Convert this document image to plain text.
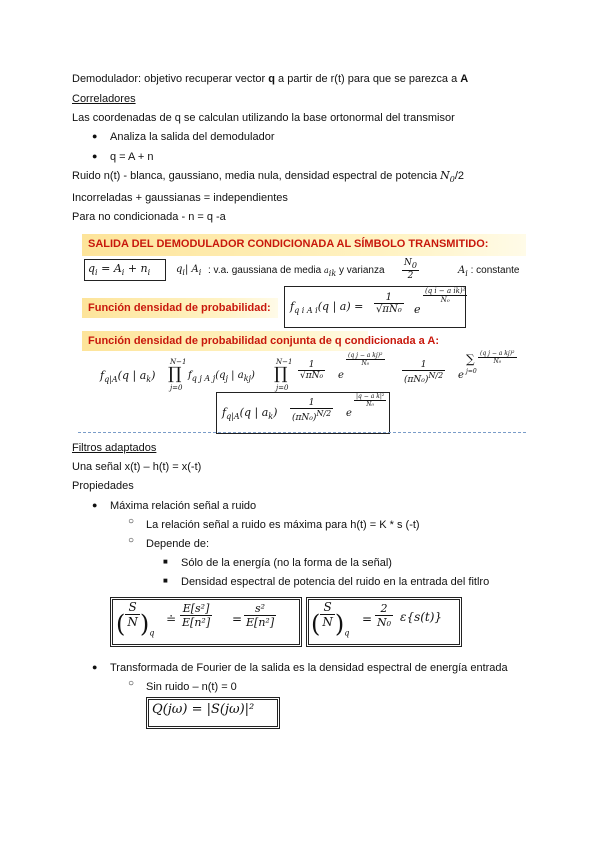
Demodulador: objetivo recuperar vector q a partir de r(t) para que se parezca a A
Correladores
Las coordenadas de q se calculan utilizando la base ortonormal del transmisor
● Analiza la salida del demodulador
● q = A + n
Ruido n(t) - blanca, gaussiano, media nula, densidad espectral de potencia $N_0/2$
Incorreladas + gaussianas = independientes
Para no condicionada - n = q -a
SALIDA DEL DEMODULADOR CONDICIONADA AL SÍMBOLO TRANSMITIDO:
$q_i = A_i + n_i$	$q_i|$ $A_i$ : v.a. gaussiana de media $a_{ik}$ y varianza $\frac{N_0}{2}$	$A_i$ : constante
Función densidad de probabilidad: $f_{q i A i}(q$ | $a) = \frac{1}{\text{√πN₀}}$ e
$\frac{\text{(q i − a ik)²}}{\text{N₀}}$
Función densidad de probabilidad conjunta de q condicionada a A:
$f_{q|A}(q$ | $a_k$)
N−1
∏
j=0
$f_{q j A j}(q_j$ | $a_{kj}$)
N−1
∏
j=0
$\frac{1}{\text{√πN₀}}$ e
$\frac{\text{(q j − a kj)²}}{\text{N₀}}$
$\frac{1}{(\pi N_0)^{N/2}}$ e
∑
j=0
$\frac{\text{(q j − a kj)²}}{\text{N₀}}$
$f_{q|A}(q$ | $a_k) \frac{1}{(\pi N_0)^{N/2}}$ e
$\frac{\text{|q − a k|²}}{\text{N₀}}$
Filtros adaptados
Una señal x(t) – h(t) = x(-t)
Propiedades
● Máxima relación señal a ruido
○ La relación señal a ruido es máxima para h(t) = K * s (-t)
○ Depende de:
■ Sólo de la energía (no la forma de la señal)
■ Densidad espectral de potencia del ruido en la entrada del fitlro
( $\frac{S}{N} )_q$
≐ $\frac{\text{E[s²]}}{\text{E[n²]}} = \frac{\text{s²}}{\text{E[n²]}}$ ( $\frac{S}{N} )_q$
= $\frac{2}{\text{N₀}} \varepsilon\{s(t)\}$
● Transformada de Fourier de la salida es la densidad espectral de energía entrada
○ Sin ruido – n(t) = 0
Q(jω) = |S(jω)|²
